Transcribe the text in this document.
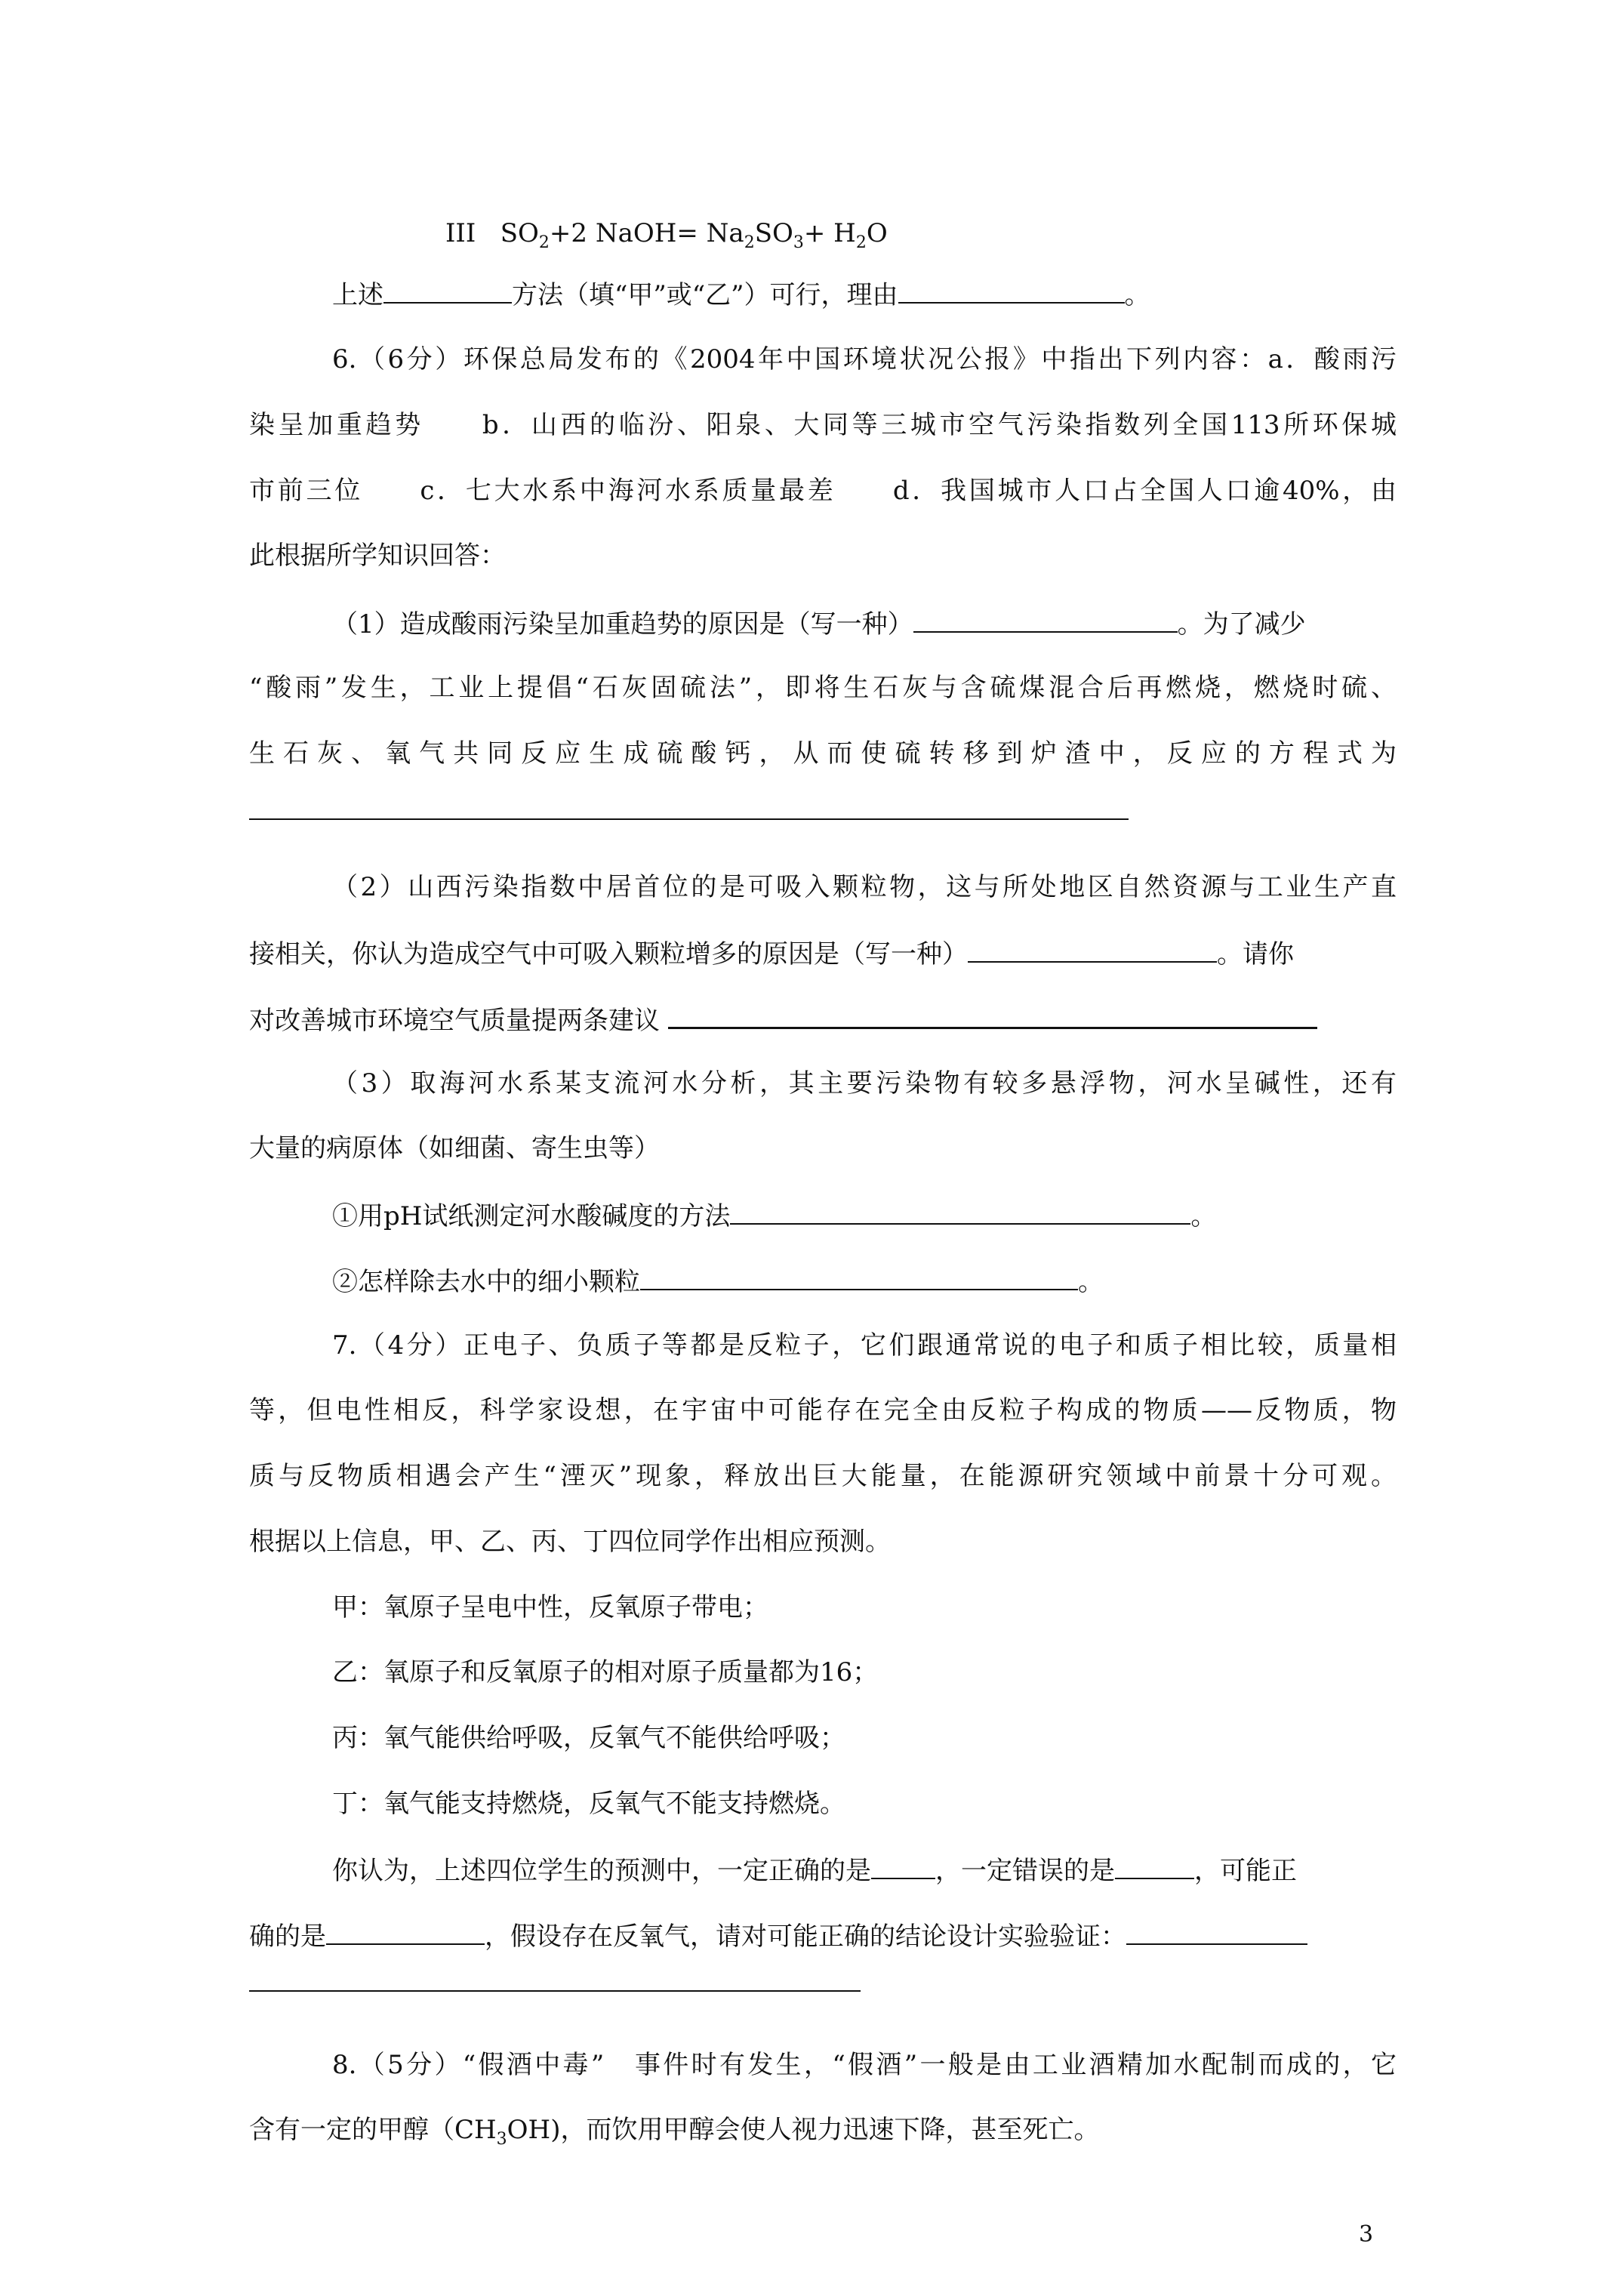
III $SO_2+2$ NaOH= $Na_2SO_3+ H_2O$
上述	方法（填“甲”或“乙”）可行，理由	。
6.（6分）环保总局发布的《2004年中国环境状况公报》中指出下列内容：a．酸雨污
染呈加重趋势　　b．山西的临汾、阳泉、大同等三城市空气污染指数列全国113所环保城
市前三位　　c．七大水系中海河水系质量最差　　d．我国城市人口占全国人口逾40%，由
此根据所学知识回答：
（1）造成酸雨污染呈加重趋势的原因是（写一种）	。为了减少
“酸雨”发生，工业上提倡“石灰固硫法”，即将生石灰与含硫煤混合后再燃烧，燃烧时硫、
生石灰、氧气共同反应生成硫酸钙，从而使硫转移到炉渣中，反应的方程式为
（2）山西污染指数中居首位的是可吸入颗粒物，这与所处地区自然资源与工业生产直
接相关，你认为造成空气中可吸入颗粒增多的原因是（写一种）	。请你
对改善城市环境空气质量提两条建议
（3）取海河水系某支流河水分析，其主要污染物有较多悬浮物，河水呈碱性，还有
大量的病原体（如细菌、寄生虫等）
①用pH试纸测定河水酸碱度的方法	。
②怎样除去水中的细小颗粒	。
7.（4分）正电子、负质子等都是反粒子，它们跟通常说的电子和质子相比较，质量相
等，但电性相反，科学家设想，在宇宙中可能存在完全由反粒子构成的物质——反物质，物
质与反物质相遇会产生“湮灭”现象，释放出巨大能量，在能源研究领域中前景十分可观。
根据以上信息，甲、乙、丙、丁四位同学作出相应预测。
甲：氧原子呈电中性，反氧原子带电；
乙：氧原子和反氧原子的相对原子质量都为16；
丙：氧气能供给呼吸，反氧气不能供给呼吸；
丁：氧气能支持燃烧，反氧气不能支持燃烧。
你认为，上述四位学生的预测中，一定正确的是	，一定错误的是	，可能正
确的是	，假设存在反氧气，请对可能正确的结论设计实验验证：
8.（5分）“假酒中毒”　事件时有发生，“假酒”一般是由工业酒精加水配制而成的，它
含有一定的甲醇$(CH_3OH)$，而饮用甲醇会使人视力迅速下降，甚至死亡。
3
